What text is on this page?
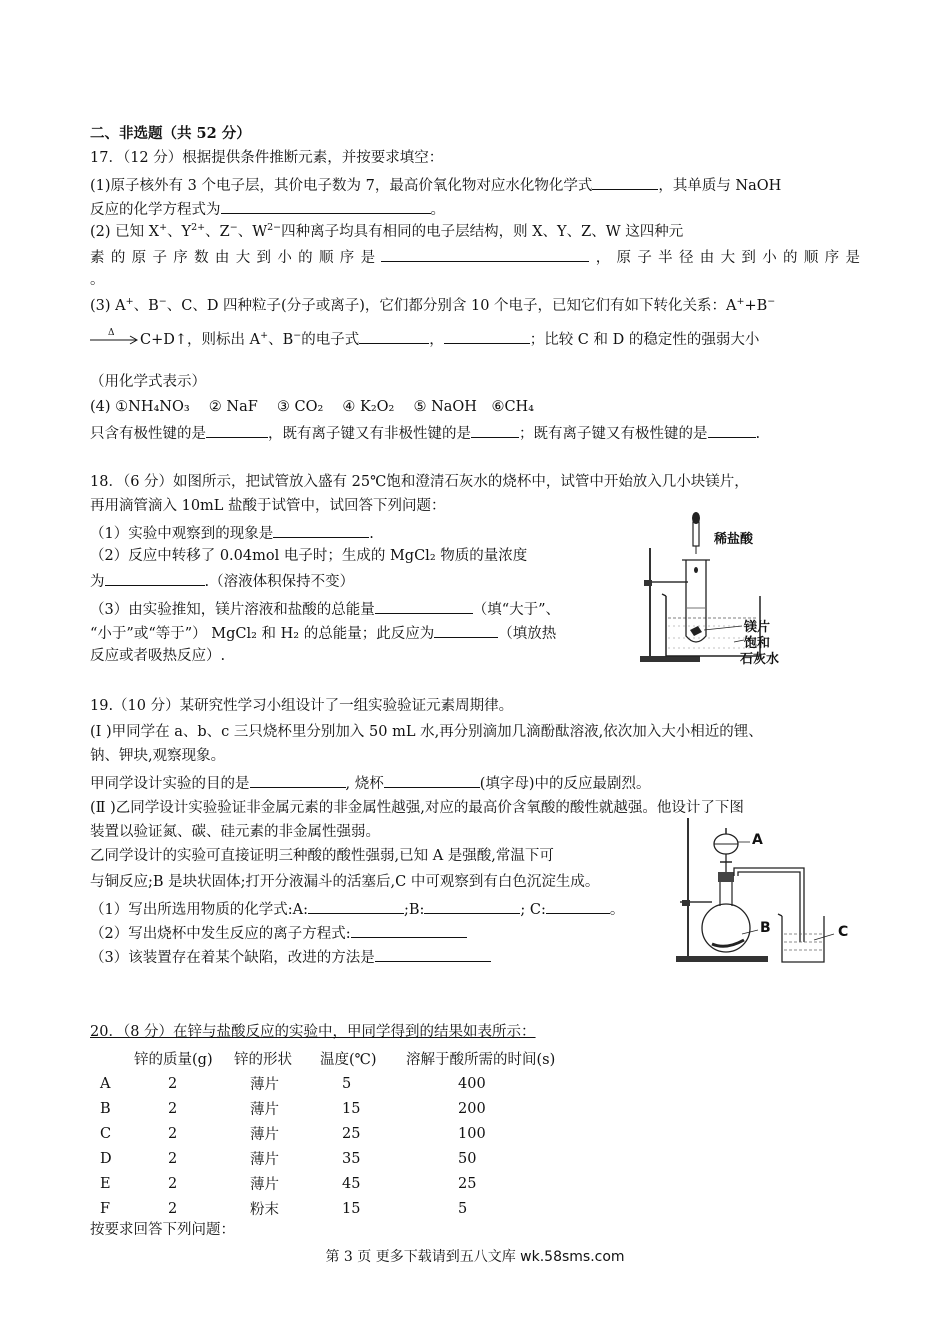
二、非选题（共 52 分）
17．（12 分）根据提供条件推断元素，并按要求填空：
(1)原子核外有 3 个电子层，其价电子数为 7，最高价氧化物对应水化物化学式	，其单质与 NaOH
反应的化学方程式为	。
(2) 已知 X+、$Y^{2+}$、Z−、$W^{2-}$四种离子均具有相同的电子层结构，则 X、Y、Z、W 这四种元
素的原子序数由大到小的顺序是	，原子半径由大到小的顺序是
。
(3) A+、B−、C、D 四种粒子(分子或离子)，它们都分别含 10 个电子，已知它们有如下转化关系：A++B−
Δ C+D↑，则标出 A+、B−的电子式	，	；比较 C 和 D 的稳定性的强弱大小
（用化学式表示）
(4) ①NH₄NO₃　 ② NaF　 ③ CO₂　 ④ K₂O₂　 ⑤ NaOH　⑥CH₄
只含有极性键的是	，既有离子键又有非极性键的是	；既有离子键又有极性键的是	.
18．（6 分）如图所示，把试管放入盛有 25℃饱和澄清石灰水的烧杯中，试管中开始放入几小块镁片，
再用滴管滴入 10mL 盐酸于试管中，试回答下列问题：
（1）实验中观察到的现象是	.
（2）反应中转移了 0.04mol 电子时；生成的 MgCl₂ 物质的量浓度
为	.（溶液体积保持不变）
（3）由实验推知，镁片溶液和盐酸的总能量	（填“大于”、
“小于”或“等于”） MgCl₂ 和 H₂ 的总能量；此反应为	（填放热
反应或者吸热反应）.
稀盐酸
镁片
饱和
石灰水
19.（10 分）某研究性学习小组设计了一组实验验证元素周期律。
(Ⅰ )甲同学在 a、b、c 三只烧杯里分别加入 50 mL 水,再分别滴加几滴酚酞溶液,依次加入大小相近的锂、
钠、钾块,观察现象。
甲同学设计实验的目的是	, 烧杯	(填字母)中的反应最剧烈。
(Ⅱ )乙同学设计实验验证非金属元素的非金属性越强,对应的最高价含氧酸的酸性就越强。他设计了下图
装置以验证氮、碳、硅元素的非金属性强弱。
乙同学设计的实验可直接证明三种酸的酸性强弱,已知 A 是强酸,常温下可
与铜反应;B 是块状固体;打开分液漏斗的活塞后,C 中可观察到有白色沉淀生成。
（1）写出所选用物质的化学式:A:	;B:	; C:	。
（2）写出烧杯中发生反应的离子方程式:
（3）该装置存在着某个缺陷，改进的方法是
A
B	C
20．（8 分）在锌与盐酸反应的实验中，甲同学得到的结果如表所示：
	锌的质量(g)	锌的形状	温度(℃)	溶解于酸所需的时间(s)
A	2	薄片	5	400
B	2	薄片	15	200
C	2	薄片	25	100
D	2	薄片	35	50
E	2	薄片	45	25
F	2	粉末	15	5
按要求回答下列问题：
第 3 页 更多下载请到五八文库 wk.58sms.com
